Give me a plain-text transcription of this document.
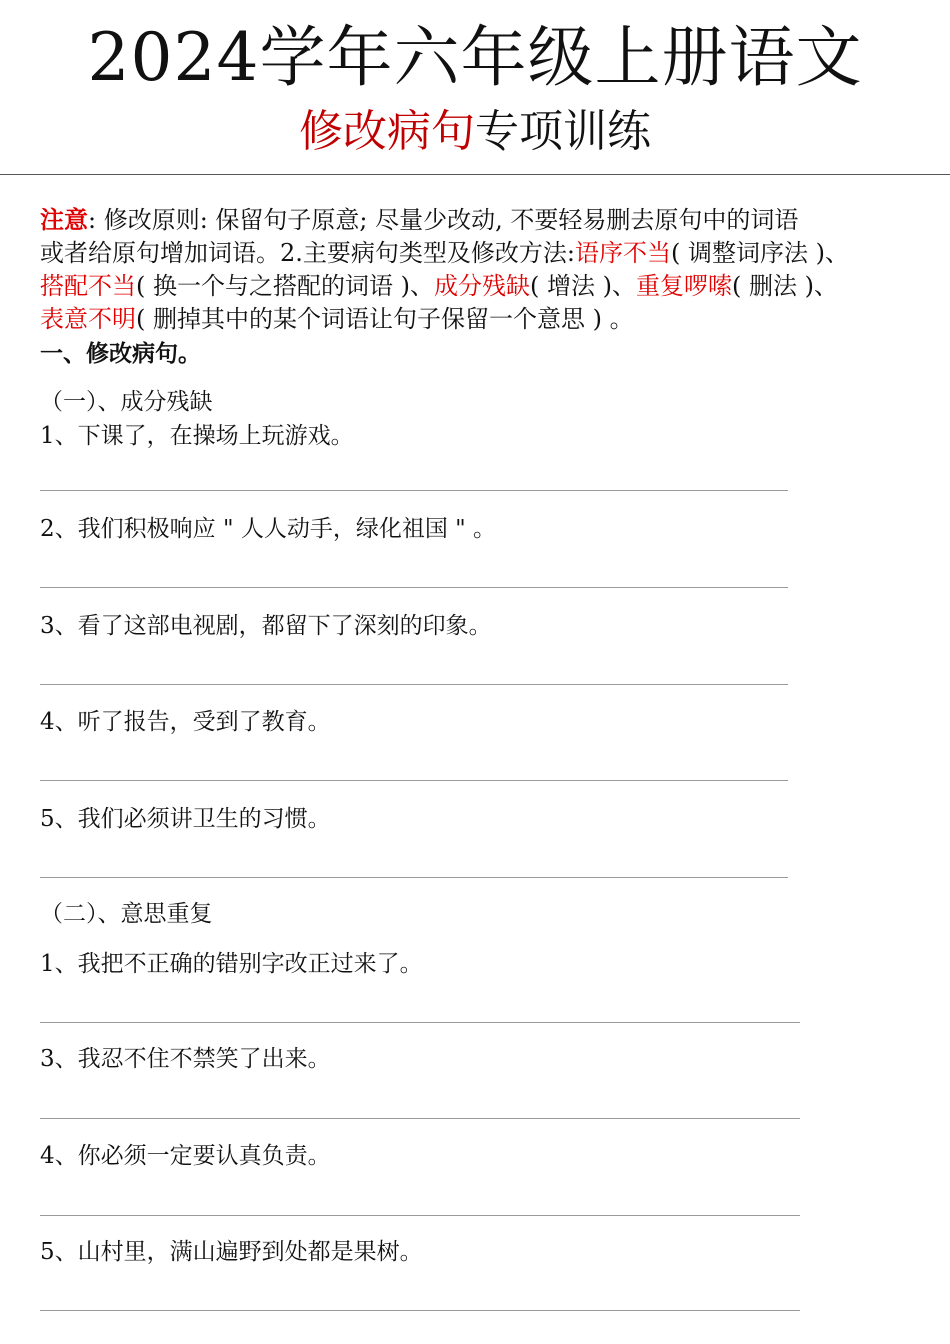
2024学年六年级上册语文
修改病句专项训练
注意: 修改原则: 保留句子原意; 尽量少改动, 不要轻易删去原句中的词语
或者给原句增加词语。2.主要病句类型及修改方法:语序不当( 调整词序法 )、
搭配不当( 换一个与之搭配的词语 )、成分残缺( 增法 )、重复啰嗦( 删法 )、
表意不明( 删掉其中的某个词语让句子保留一个意思 ) 。
一、修改病句。
（一）、成分残缺
1、下课了，在操场上玩游戏。
2、我们积极响应 " 人人动手，绿化祖国 " 。
3、看了这部电视剧，都留下了深刻的印象。
4、听了报告，受到了教育。
5、我们必须讲卫生的习惯。
（二）、意思重复
1、我把不正确的错别字改正过来了。
3、我忍不住不禁笑了出来。
4、你必须一定要认真负责。
5、山村里，满山遍野到处都是果树。
